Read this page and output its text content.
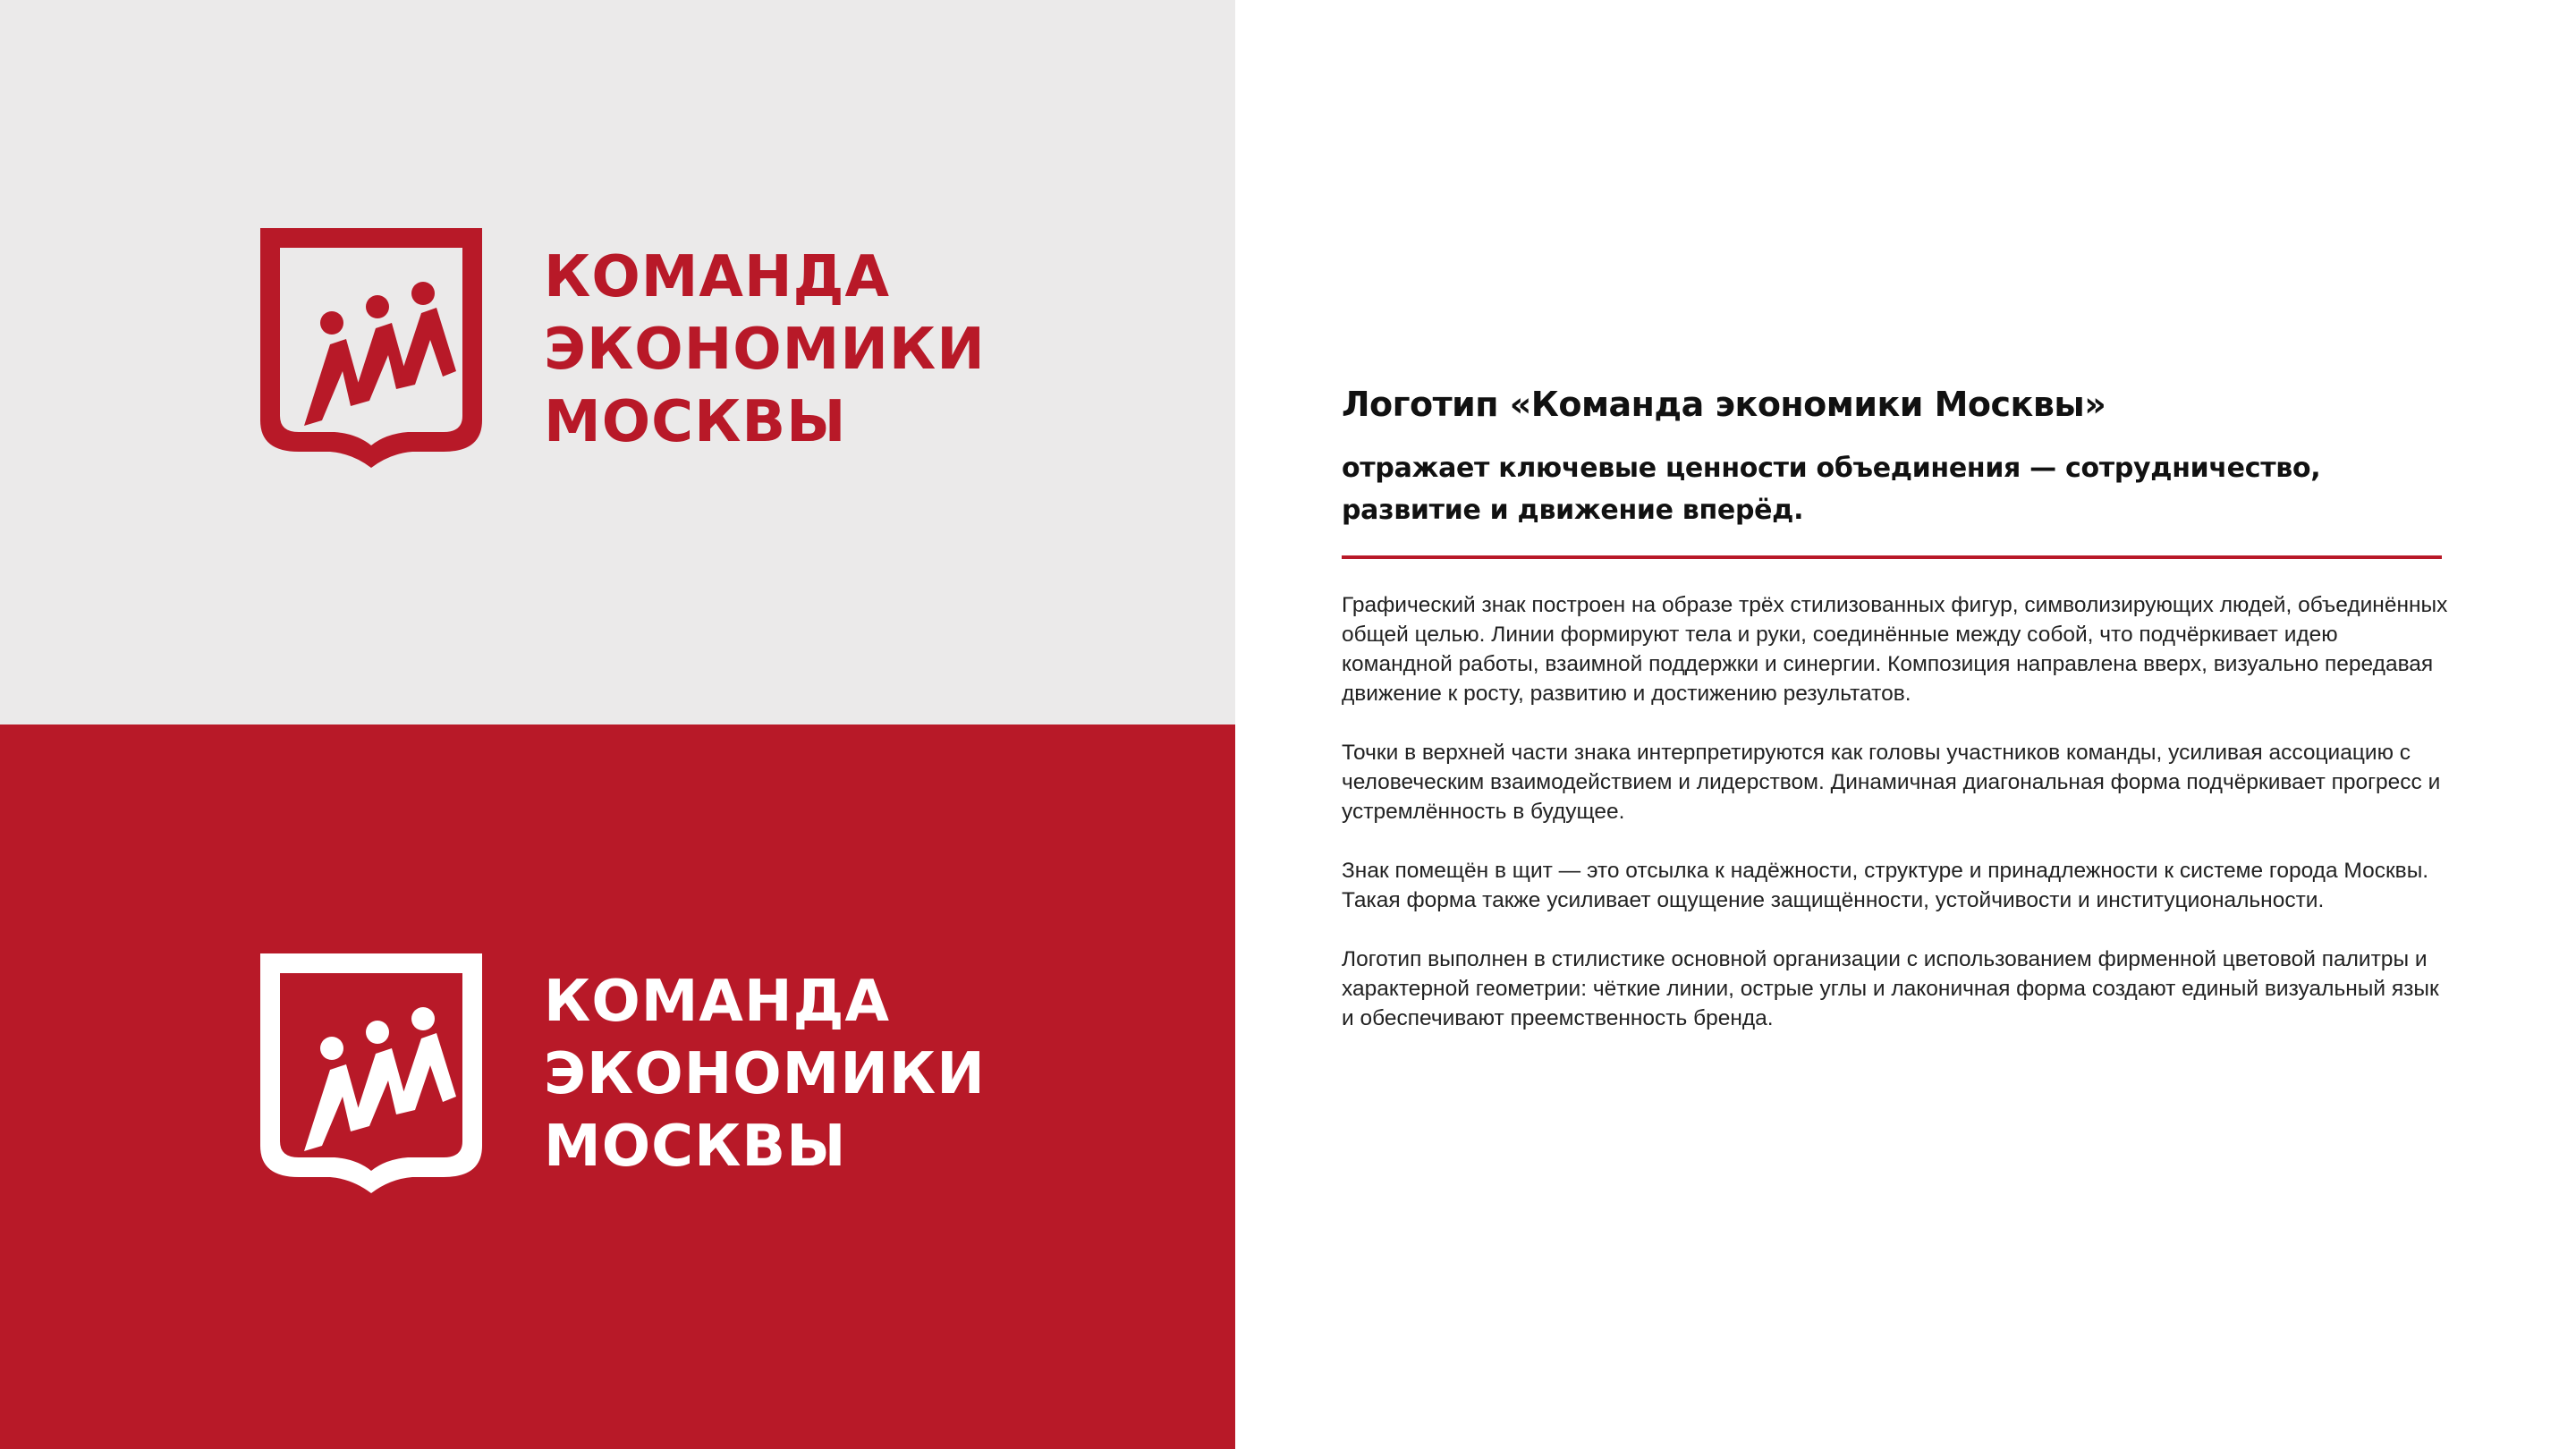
КОМАНДА
ЭКОНОМИКИ
МОСКВЫ
КОМАНДА
ЭКОНОМИКИ
МОСКВЫ
Логотип «Команда экономики Москвы»
отражает ключевые ценности объединения — сотрудничество, развитие и движение вперёд.

Графический знак построен на образе трёх стилизованных фигур, символизирующих людей, объединённых общей целью. Линии формируют тела и руки, соединённые между собой, что подчёркивает идею командной работы, взаимной поддержки и синергии. Композиция направлена вверх, визуально передавая движение к росту, развитию и достижению результатов.

Точки в верхней части знака интерпретируются как головы участников команды, усиливая ассоциацию с человеческим взаимодействием и лидерством. Динамичная диагональная форма подчёркивает прогресс и устремлённость в будущее.

Знак помещён в щит — это отсылка к надёжности, структуре и принадлежности к системе города Москвы. Такая форма также усиливает ощущение защищённости, устойчивости и институциональности.

Логотип выполнен в стилистике основной организации с использованием фирменной цветовой палитры и характерной геометрии: чёткие линии, острые углы и лаконичная форма создают единый визуальный язык и обеспечивают преемственность бренда.
